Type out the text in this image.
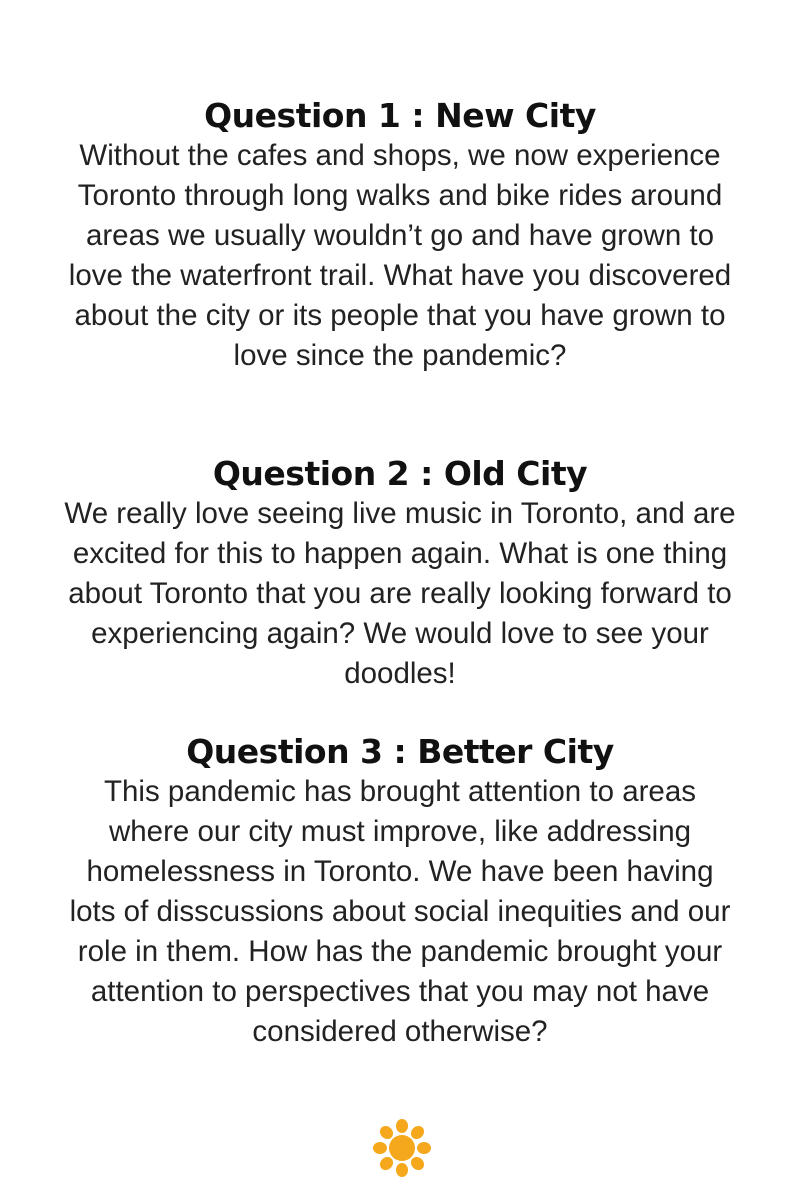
Question 1 : New City

Without the cafes and shops, we now experience Toronto through long walks and bike rides around areas we usually wouldn’t go and have grown to love the waterfront trail. What have you discovered about the city or its people that you have grown to love since the pandemic?

Question 2 : Old City

We really love seeing live music in Toronto, and are excited for this to happen again. What is one thing about Toronto that you are really looking forward to experiencing again? We would love to see your doodles!

Question 3 : Better City

This pandemic has brought attention to areas where our city must improve, like addressing homelessness in Toronto. We have been having lots of disscussions about social inequities and our role in them. How has the pandemic brought your attention to perspectives that you may not have considered otherwise?
